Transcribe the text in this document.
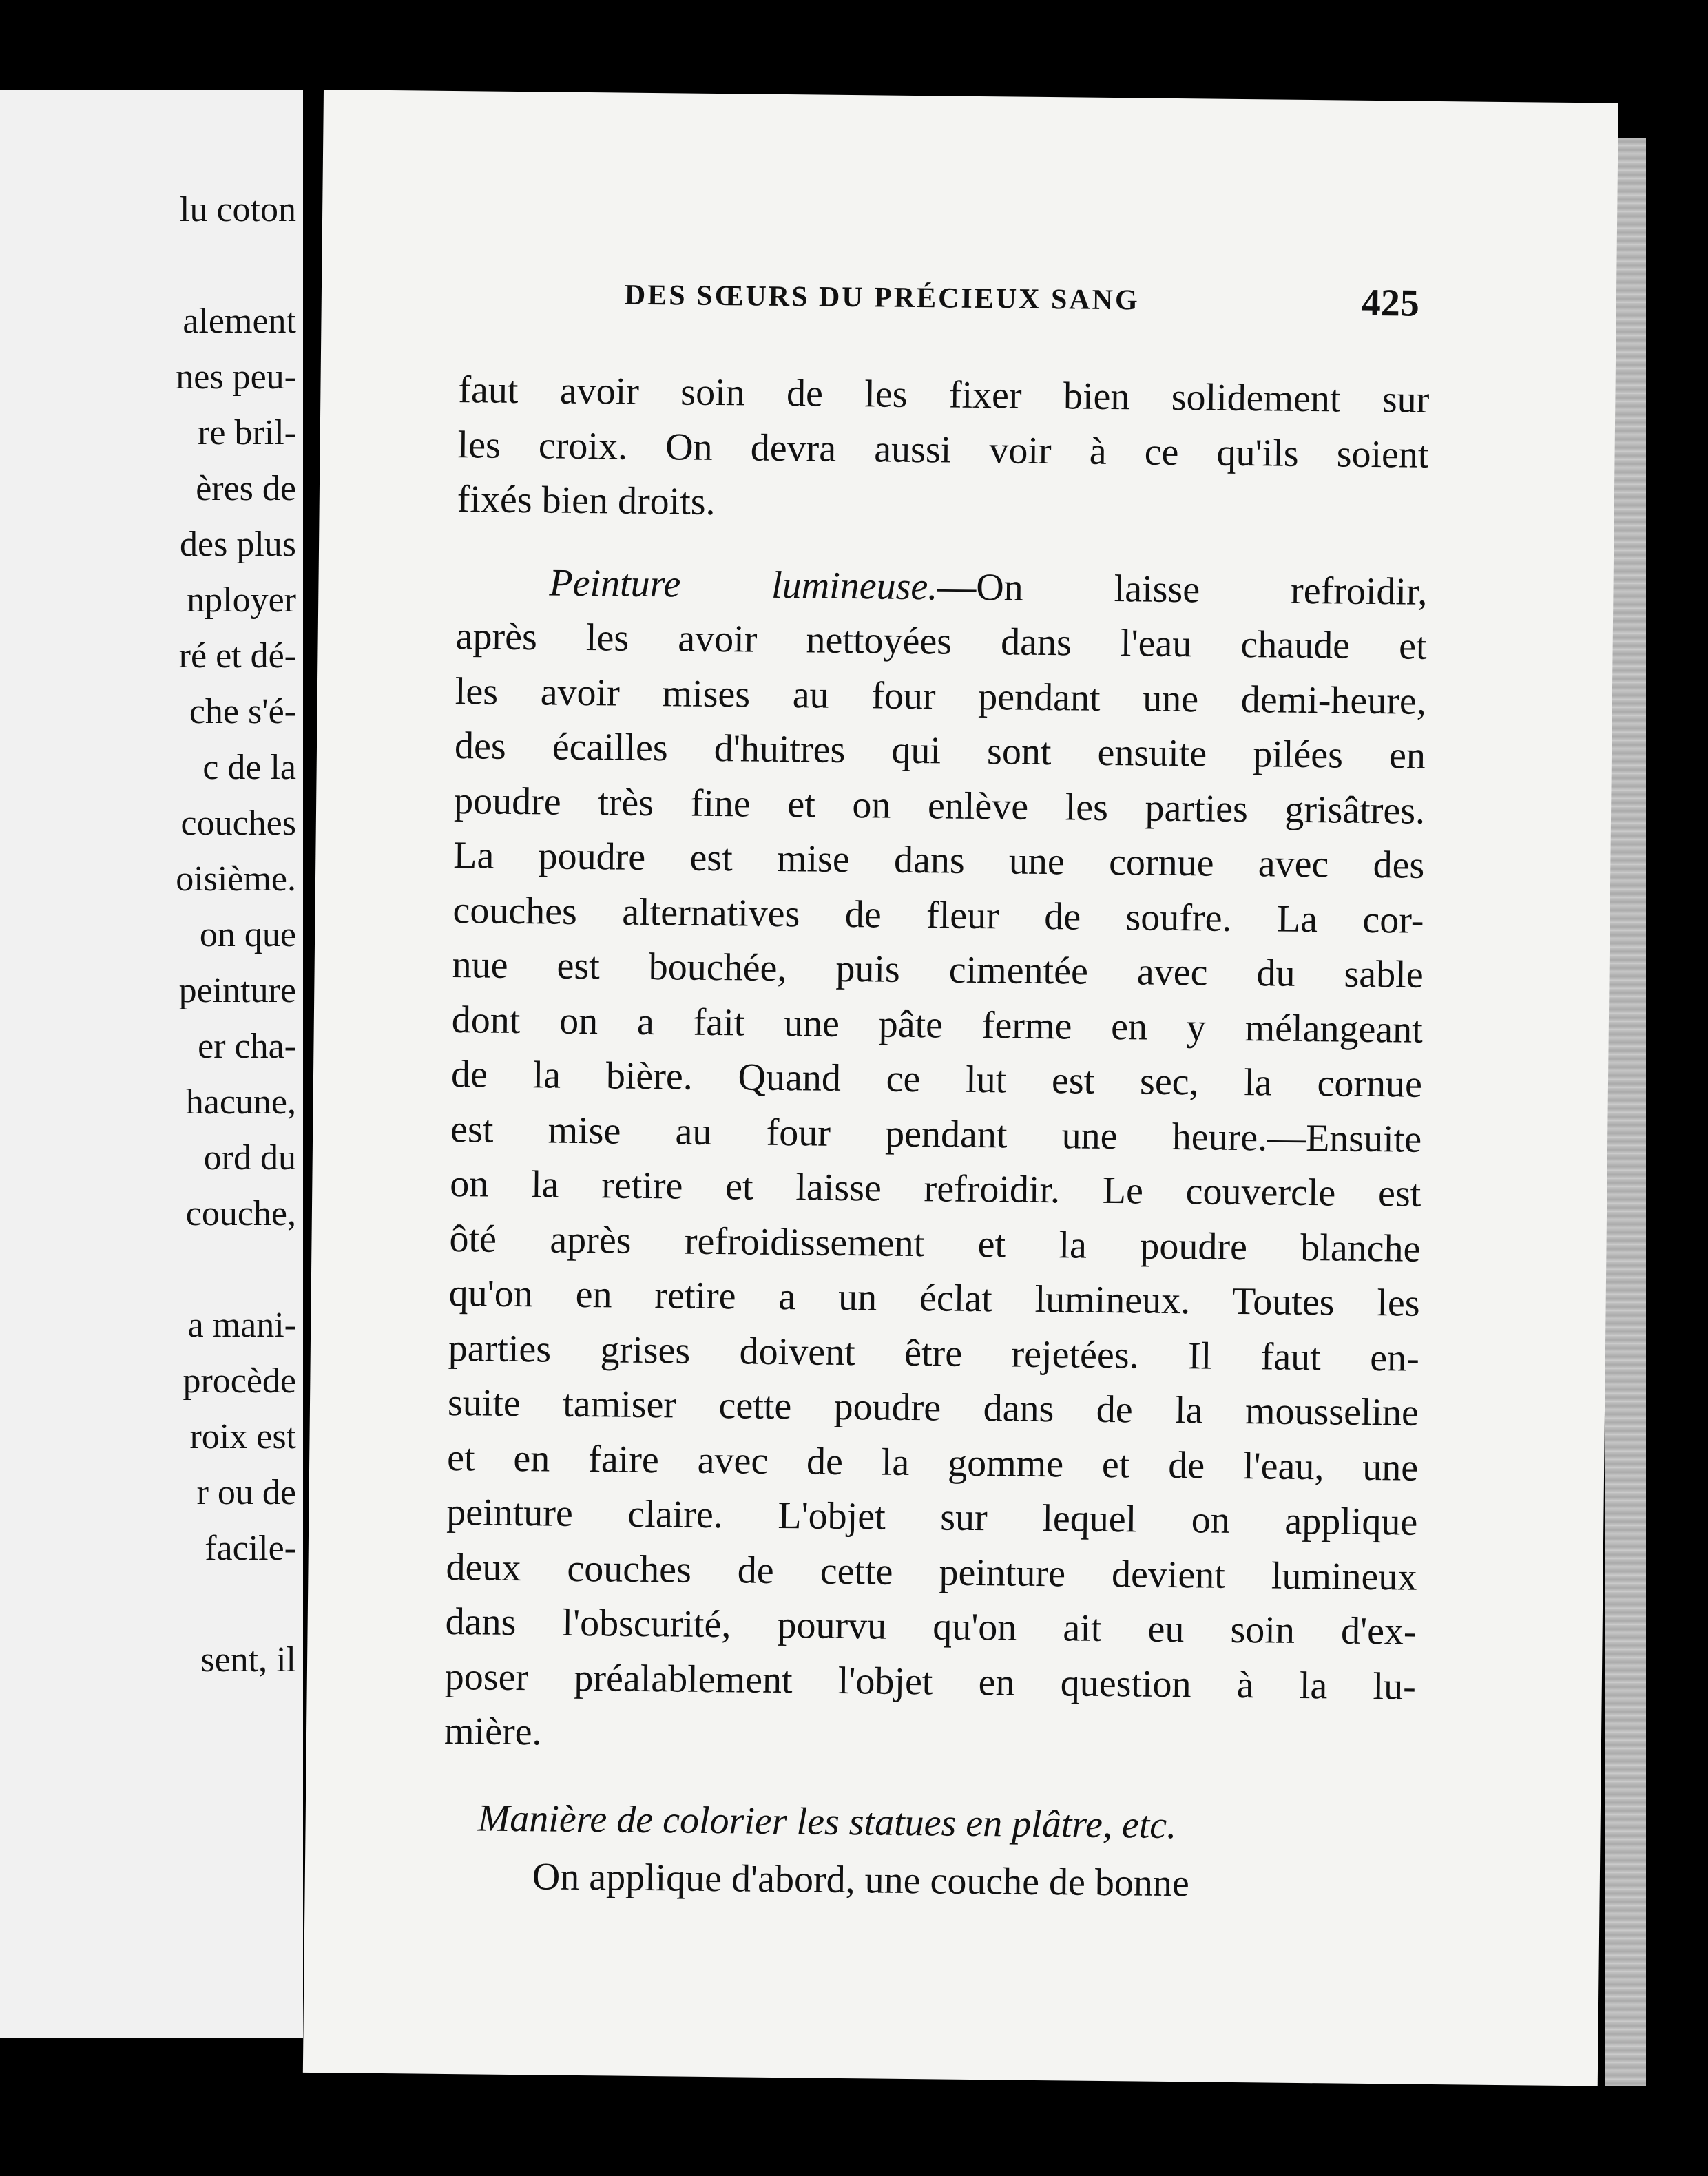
lu coton
alement
nes peu-
re bril-
ères de
des plus
nployer
ré et dé-
che s'é-
c de la
couches
oisième.
on que
peinture
er cha-
hacune,
ord du
couche,
a mani-
procède
roix est
r ou de
facile-
sent, il
DES SŒURS DU PRÉCIEUX SANG	425
faut avoir soin de les fixer bien solidement sur
les croix. On devra aussi voir à ce qu'ils soient
fixés bien droits.
Peinture lumineuse.—On laisse refroidir,
après les avoir nettoyées dans l'eau chaude et
les avoir mises au four pendant une demi-heure,
des écailles d'huitres qui sont ensuite pilées en
poudre très fine et on enlève les parties grisâtres.
La poudre est mise dans une cornue avec des
couches alternatives de fleur de soufre. La cor-
nue est bouchée, puis cimentée avec du sable
dont on a fait une pâte ferme en y mélangeant
de la bière. Quand ce lut est sec, la cornue
est mise au four pendant une heure.—Ensuite
on la retire et laisse refroidir. Le couvercle est
ôté après refroidissement et la poudre blanche
qu'on en retire a un éclat lumineux. Toutes les
parties grises doivent être rejetées. Il faut en-
suite tamiser cette poudre dans de la mousseline
et en faire avec de la gomme et de l'eau, une
peinture claire. L'objet sur lequel on applique
deux couches de cette peinture devient lumineux
dans l'obscurité, pourvu qu'on ait eu soin d'ex-
poser préalablement l'objet en question à la lu-
mière.
Manière de colorier les statues en plâtre, etc.
On applique d'abord, une couche de bonne
